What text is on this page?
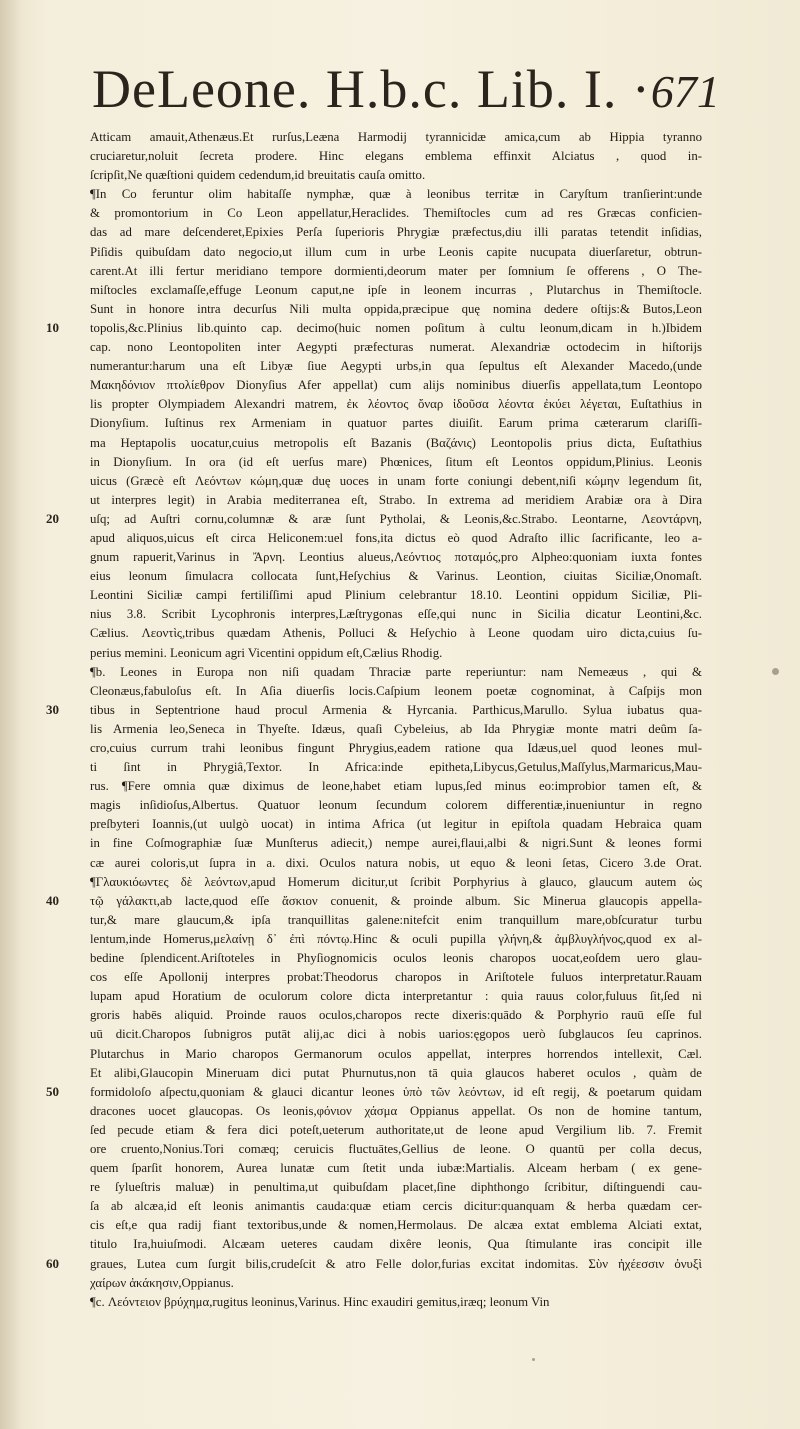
DeLeone. H.b.c. Lib. I. · 671
10
20
30
40
50
60
Atticam amauit,Athenæus.Et rurſus,Leæna Harmodij tyrannicidæ amica,cum ab Hippia tyranno
cruciaretur,noluit ſecreta prodere. Hinc elegans emblema effinxit Alciatus , quod in-
ſcripſit,Ne quæſtioni quidem cedendum,id breuitatis cauſa omitto.
¶In Co feruntur olim habitaſſe nymphæ, quæ à leonibus territæ in Caryſtum tranſierint:unde
& promontorium in Co Leon appellatur,Heraclides. Themiſtocles cum ad res Græcas conficien-
das ad mare deſcenderet,Epixies Perſa ſuperioris Phrygiæ præfectus,diu illi paratas tetendit inſidias,
Piſidis quibuſdam dato negocio,ut illum cum in urbe Leonis capite nucupata diuerſaretur, obtrun-
carent.At illi fertur meridiano tempore dormienti,deorum mater per ſomnium ſe offerens , O The-
miſtocles exclamaſſe,effuge Leonum caput,ne ipſe in leonem incurras , Plutarchus in Themiſtocle.
Sunt in honore intra decurſus Nili multa oppida,præcipue quę nomina dedere oſtijs:& Butos,Leon
topolis,&c.Plinius lib.quinto cap. decimo(huic nomen poſitum à cultu leonum,dicam in h.)Ibidem
cap. nono Leontopoliten inter Aegypti præfecturas numerat. Alexandriæ octodecim in hiſtorijs
numerantur:harum una eſt Libyæ ſiue Aegypti urbs,in qua ſepultus eſt Alexander Macedo,(unde
Μακηδόνιον πτολίεθρον Dionyſius Afer appellat) cum alijs nominibus diuerſis appellata,tum Leontopo
lis propter Olympiadem Alexandri matrem, ἐκ λέοντος ὄναρ ἰδοῦσα λέοντα ἐκύει λέγεται, Euſtathius in
Dionyſium. Iuſtinus rex Armeniam in quatuor partes diuiſit. Earum prima cæterarum clariſſi-
ma Heptapolis uocatur,cuius metropolis eſt Bazanis (Βαζάνις) Leontopolis prius dicta, Euſtathius
in Dionyſium. In ora (id eſt uerſus mare) Phœnices, ſitum eſt Leontos oppidum,Plinius. Leonis
uicus (Græcè eſt Λεόντων κώμη,quæ duę uoces in unam forte coniungi debent,niſi κώμην legendum ſit,
ut interpres legit) in Arabia mediterranea eſt, Strabo. In extrema ad meridiem Arabiæ ora à Dira
uſq; ad Auſtri cornu,columnæ & aræ ſunt Pytholai, & Leonis,&c.Strabo. Leontarne, Λεοντάρνη,
apud aliquos,uicus eſt circa Heliconem:uel fons,ita dictus eò quod Adraſto illic ſacrificante, leo a-
gnum rapuerit,Varinus in Ἄρνη. Leontius alueus,Λεόντιος ποταμός,pro Alpheo:quoniam iuxta fontes
eius leonum ſimulacra collocata ſunt,Heſychius & Varinus. Leontion, ciuitas Siciliæ,Onomaſt.
Leontini Siciliæ campi fertiliſſimi apud Plinium celebrantur 18.10. Leontini oppidum Siciliæ, Pli-
nius 3.8. Scribit Lycophronis interpres,Læſtrygonas eſſe,qui nunc in Sicilia dicatur Leontini,&c.
Cælius. Λεοντὶς,tribus quædam Athenis, Polluci & Heſychio à Leone quodam uiro dicta,cuius ſu-
perius memini. Leonicum agri Vicentini oppidum eſt,Cælius Rhodig.
¶b. Leones in Europa non niſi quadam Thraciæ parte reperiuntur: nam Nemeæus , qui &
Cleonæus,fabuloſus eſt. In Aſia diuerſis locis.Caſpium leonem poetæ cognominat, à Caſpijs mon
tibus in Septentrione haud procul Armenia & Hyrcania. Parthicus,Marullo. Sylua iubatus qua-
lis Armenia leo,Seneca in Thyeſte. Idæus, quaſi Cybeleius, ab Ida Phrygiæ monte matri deûm ſa-
cro,cuius currum trahi leonibus fingunt Phrygius,eadem ratione qua Idæus,uel quod leones mul-
ti ſint in Phrygiâ,Textor. In Africa:inde epitheta,Libycus,Getulus,Maſſylus,Marmaricus,Mau-
rus. ¶Fere omnia quæ diximus de leone,habet etiam lupus,ſed minus eo:improbior tamen eſt, &
magis inſidioſus,Albertus. Quatuor leonum ſecundum colorem differentiæ,inueniuntur in regno
preſbyteri Ioannis,(ut uulgò uocat) in intima Africa (ut legitur in epiſtola quadam Hebraica quam
in fine Coſmographiæ ſuæ Munſterus adiecit,) nempe aurei,flaui,albi & nigri.Sunt & leones formi
cæ aurei coloris,ut ſupra in a. dixi. Oculos natura nobis, ut equo & leoni ſetas, Cicero 3.de Orat.
¶Γλαυκιόωντες δὲ λεόντων,apud Homerum dicitur,ut ſcribit Porphyrius à glauco, glaucum autem ὡς
τῷ γάλακτι,ab lacte,quod eſſe ἄσκιον conuenit, & proinde album. Sic Minerua glaucopis appella-
tur,& mare glaucum,& ipſa tranquillitas galene:nitefcit enim tranquillum mare,obſcuratur turbu
lentum,inde Homerus,μελαίνῃ δ᾽ ἐπὶ πόντῳ.Hinc & oculi pupilla γλήνη,& ἀμβλυγλήνος,quod ex al-
bedine ſplendicent.Ariſtoteles in Phyſiognomicis oculos leonis charopos uocat,eoſdem uero glau-
cos eſſe Apollonij interpres probat:Theodorus charopos in Ariſtotele fuluos interpretatur.Rauam
lupam apud Horatium de oculorum colore dicta interpretantur : quia rauus color,fuluus ſit,ſed ni
groris habēs aliquid. Proinde rauos oculos,charopos recte dixeris:quādo & Porphyrio rauū eſſe ful
uū dicit.Charopos ſubnigros putāt alij,ac dici à nobis uarios:ęgopos uerò ſubglaucos ſeu caprinos.
Plutarchus in Mario charopos Germanorum oculos appellat, interpres horrendos intellexit, Cæl.
Et alibi,Glaucopin Mineruam dici putat Phurnutus,non tā quia glaucos haberet oculos , quàm de
formidoloſo aſpectu,quoniam & glauci dicantur leones ὑπὸ τῶν λεόντων, id eſt regij, & poetarum quidam
dracones uocet glaucopas. Os leonis,φόνιον χάσμα Oppianus appellat. Os non de homine tantum,
ſed pecude etiam & fera dici poteſt,ueterum authoritate,ut de leone apud Vergilium lib. 7. Fremit
ore cruento,Nonius.Tori comæq; ceruicis fluctuātes,Gellius de leone. O quantū per colla decus,
quem ſparſit honorem, Aurea lunatæ cum ſtetit unda iubæ:Martialis. Alceam herbam ( ex gene-
re ſylueſtris maluæ) in penultima,ut quibuſdam placet,ſine diphthongo ſcribitur, diſtinguendi cau-
ſa ab alcæa,id eſt leonis animantis cauda:quæ etiam cercis dicitur:quanquam & herba quædam cer-
cis eſt,e qua radij fiant textoribus,unde & nomen,Hermolaus. De alcæa extat emblema Alciati extat,
titulo Ira,huiuſmodi. Alcæam ueteres caudam dixêre leonis, Qua ſtimulante iras concipit ille
graues, Lutea cum ſurgit bilis,crudeſcit & atro Felle dolor,furias excitat indomitas. Σὺν ἠχέεσσιν ὀνυξὶ
χαίρων ἀκάκησιν,Oppianus.
¶c. Λεόντειον βρύχημα,rugitus leoninus,Varinus. Hinc exaudiri gemitus,iræq; leonum Vin
